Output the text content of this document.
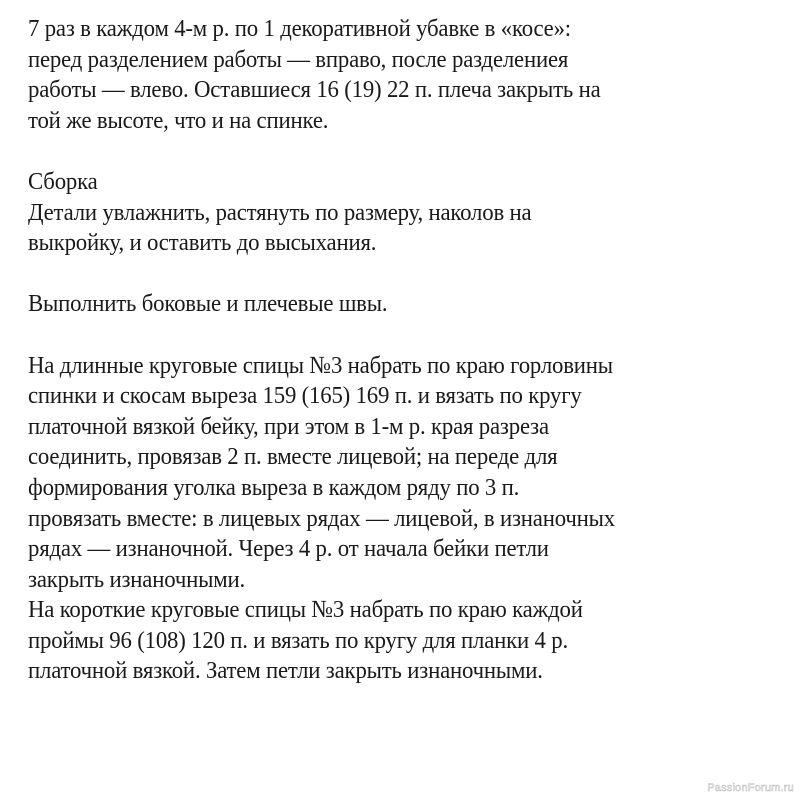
7 раз в каждом 4-м р. по 1 декоративной убавке в «косе»:
перед разделением работы — вправо, после разделениея
работы — влево. Оставшиеся 16 (19) 22 п. плеча закрыть на
той же высоте, что и на спинке.
Сборка
Детали увлажнить, растянуть по размеру, наколов на
выкройку, и оставить до высыхания.
Выполнить боковые и плечевые швы.
На длинные круговые спицы №3 набрать по краю горловины
спинки и скосам выреза 159 (165) 169 п. и вязать по кругу
платочной вязкой бейку, при этом в 1-м р. края разреза
соединить, провязав 2 п. вместе лицевой; на переде для
формирования уголка выреза в каждом ряду по 3 п.
провязать вместе: в лицевых рядах — лицевой, в изнаночных
рядах — изнаночной. Через 4 р. от начала бейки петли
закрыть изнаночными.
На короткие круговые спицы №3 набрать по краю каждой
проймы 96 (108) 120 п. и вязать по кругу для планки 4 р.
платочной вязкой. Затем петли закрыть изнаночными.
PassionForum.ru
